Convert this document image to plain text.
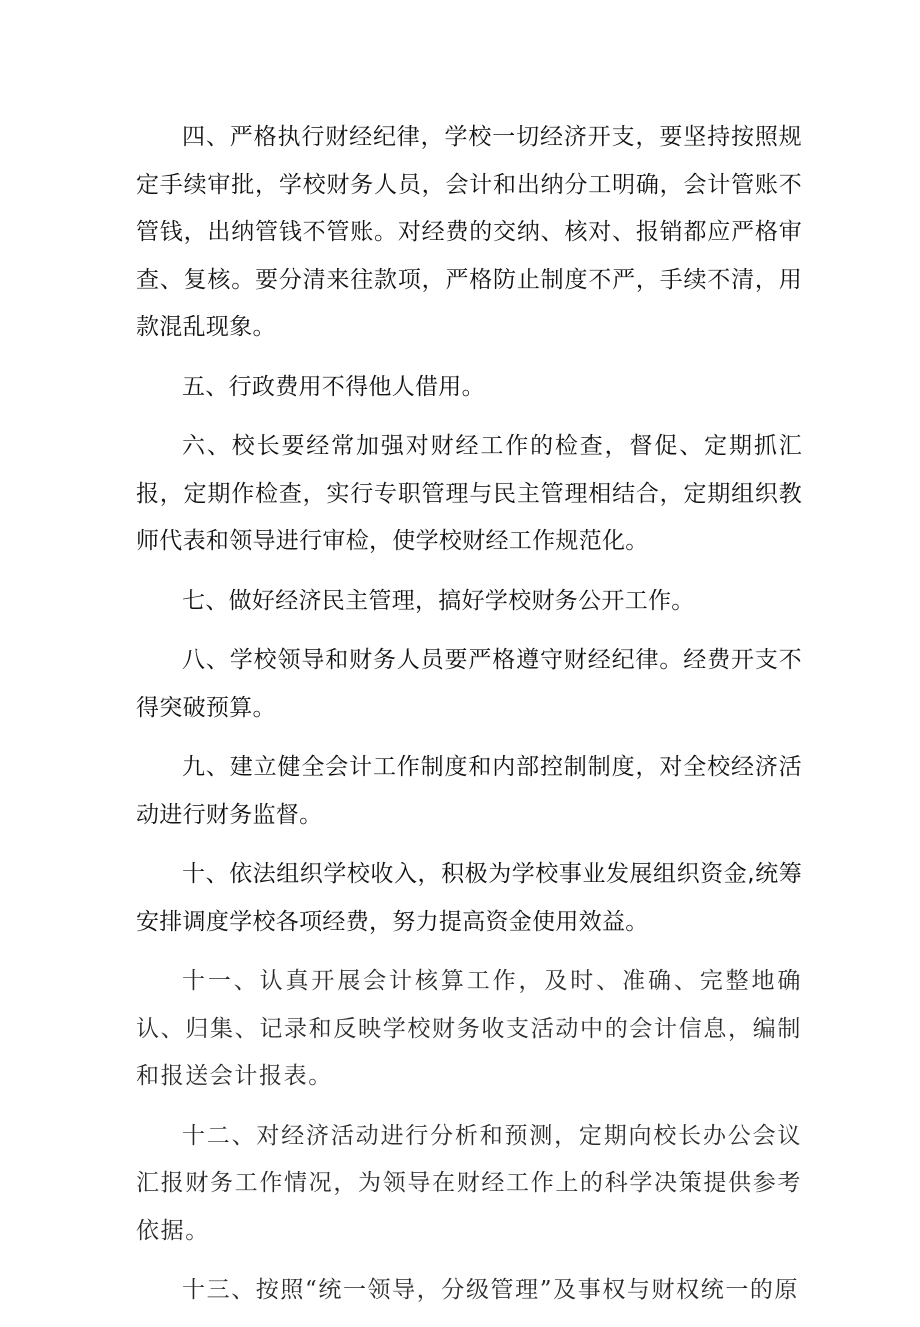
四、严格执行财经纪律，学校一切经济开支，要坚持按照规定手续审批，学校财务人员，会计和出纳分工明确，会计管账不管钱，出纳管钱不管账。对经费的交纳、核对、报销都应严格审查、复核。要分清来往款项，严格防止制度不严，手续不清，用款混乱现象。

五、行政费用不得他人借用。

六、校长要经常加强对财经工作的检查，督促、定期抓汇报，定期作检查，实行专职管理与民主管理相结合，定期组织教师代表和领导进行审检，使学校财经工作规范化。

七、做好经济民主管理，搞好学校财务公开工作。

八、学校领导和财务人员要严格遵守财经纪律。经费开支不得突破预算。

九、建立健全会计工作制度和内部控制制度，对全校经济活动进行财务监督。

十、依法组织学校收入，积极为学校事业发展组织资金,统筹安排调度学校各项经费，努力提高资金使用效益。

十一、认真开展会计核算工作，及时、准确、完整地确认、归集、记录和反映学校财务收支活动中的会计信息，编制和报送会计报表。

十二、对经济活动进行分析和预测，定期向校长办公会议汇报财务工作情况，为领导在财经工作上的科学决策提供参考依据。

十三、按照“统一领导，分级管理”及事权与财权统一的原
